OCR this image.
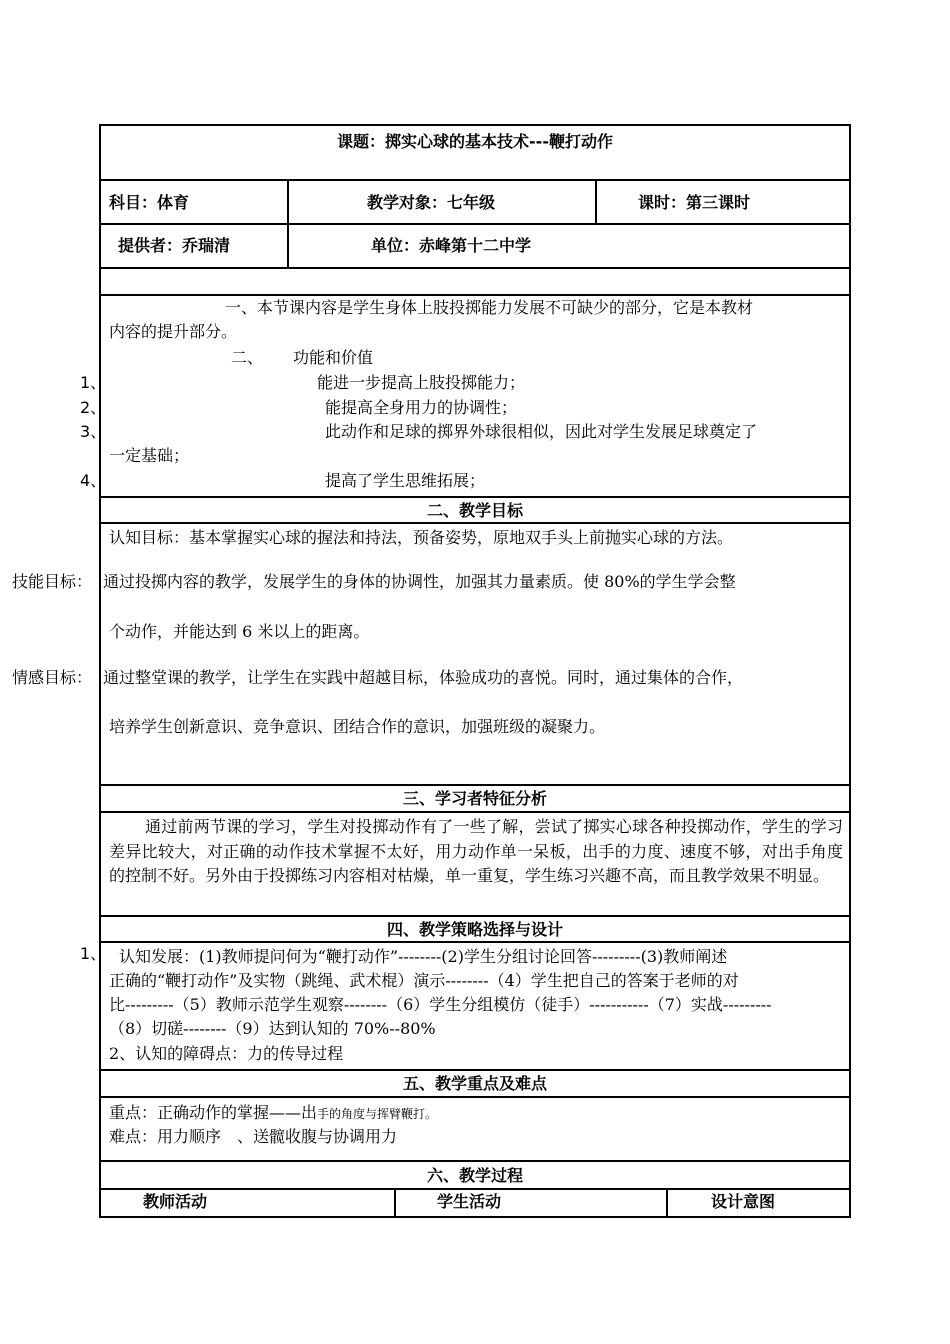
课题：掷实心球的基本技术---鞭打动作
科目：体育	教学对象：七年级	课时：第三课时
提供者：乔瑞清	单位：赤峰第十二中学
一、本节课内容是学生身体上肢投掷能力发展不可缺少的部分，它是本教材
内容的提升部分。
二、 功能和价值
能进一步提高上肢投掷能力；
能提高全身用力的协调性；
此动作和足球的掷界外球很相似，因此对学生发展足球奠定了
一定基础；
提高了学生思维拓展；
二、教学目标
认知目标：基本掌握实心球的握法和持法，预备姿势，原地双手头上前抛实心球的方法。
通过投掷内容的教学，发展学生的身体的协调性，加强其力量素质。使 80%的学生学会整
个动作，并能达到 6 米以上的距离。
通过整堂课的教学，让学生在实践中超越目标，体验成功的喜悦。同时，通过集体的合作，
培养学生创新意识、竞争意识、团结合作的意识，加强班级的凝聚力。
三、学习者特征分析
通过前两节课的学习，学生对投掷动作有了一些了解，尝试了掷实心球各种投掷动作，学生的学习差异比较大，对正确的动作技术掌握不太好，用力动作单一呆板，出手的力度、速度不够，对出手角度的控制不好。另外由于投掷练习内容相对枯燥，单一重复，学生练习兴趣不高，而且教学效果不明显。
四、教学策略选择与设计
认知发展：(1)教师提问何为“鞭打动作”--------(2)学生分组讨论回答---------(3)教师阐述
正确的“鞭打动作”及实物（跳绳、武术棍）演示--------（4）学生把自己的答案于老师的对
比---------（5）教师示范学生观察--------（6）学生分组模仿（徒手）-----------（7）实战---------
（8）切磋--------（9）达到认知的 70%--80%
2、认知的障碍点：力的传导过程
五、教学重点及难点
重点：正确动作的掌握——出手的角度与挥臂鞭打。
难点：用力顺序　、送髋收腹与协调用力
六、教学过程
教师活动	学生活动	设计意图
1、
2、
3、
4、
技能目标：
情感目标：
1、
